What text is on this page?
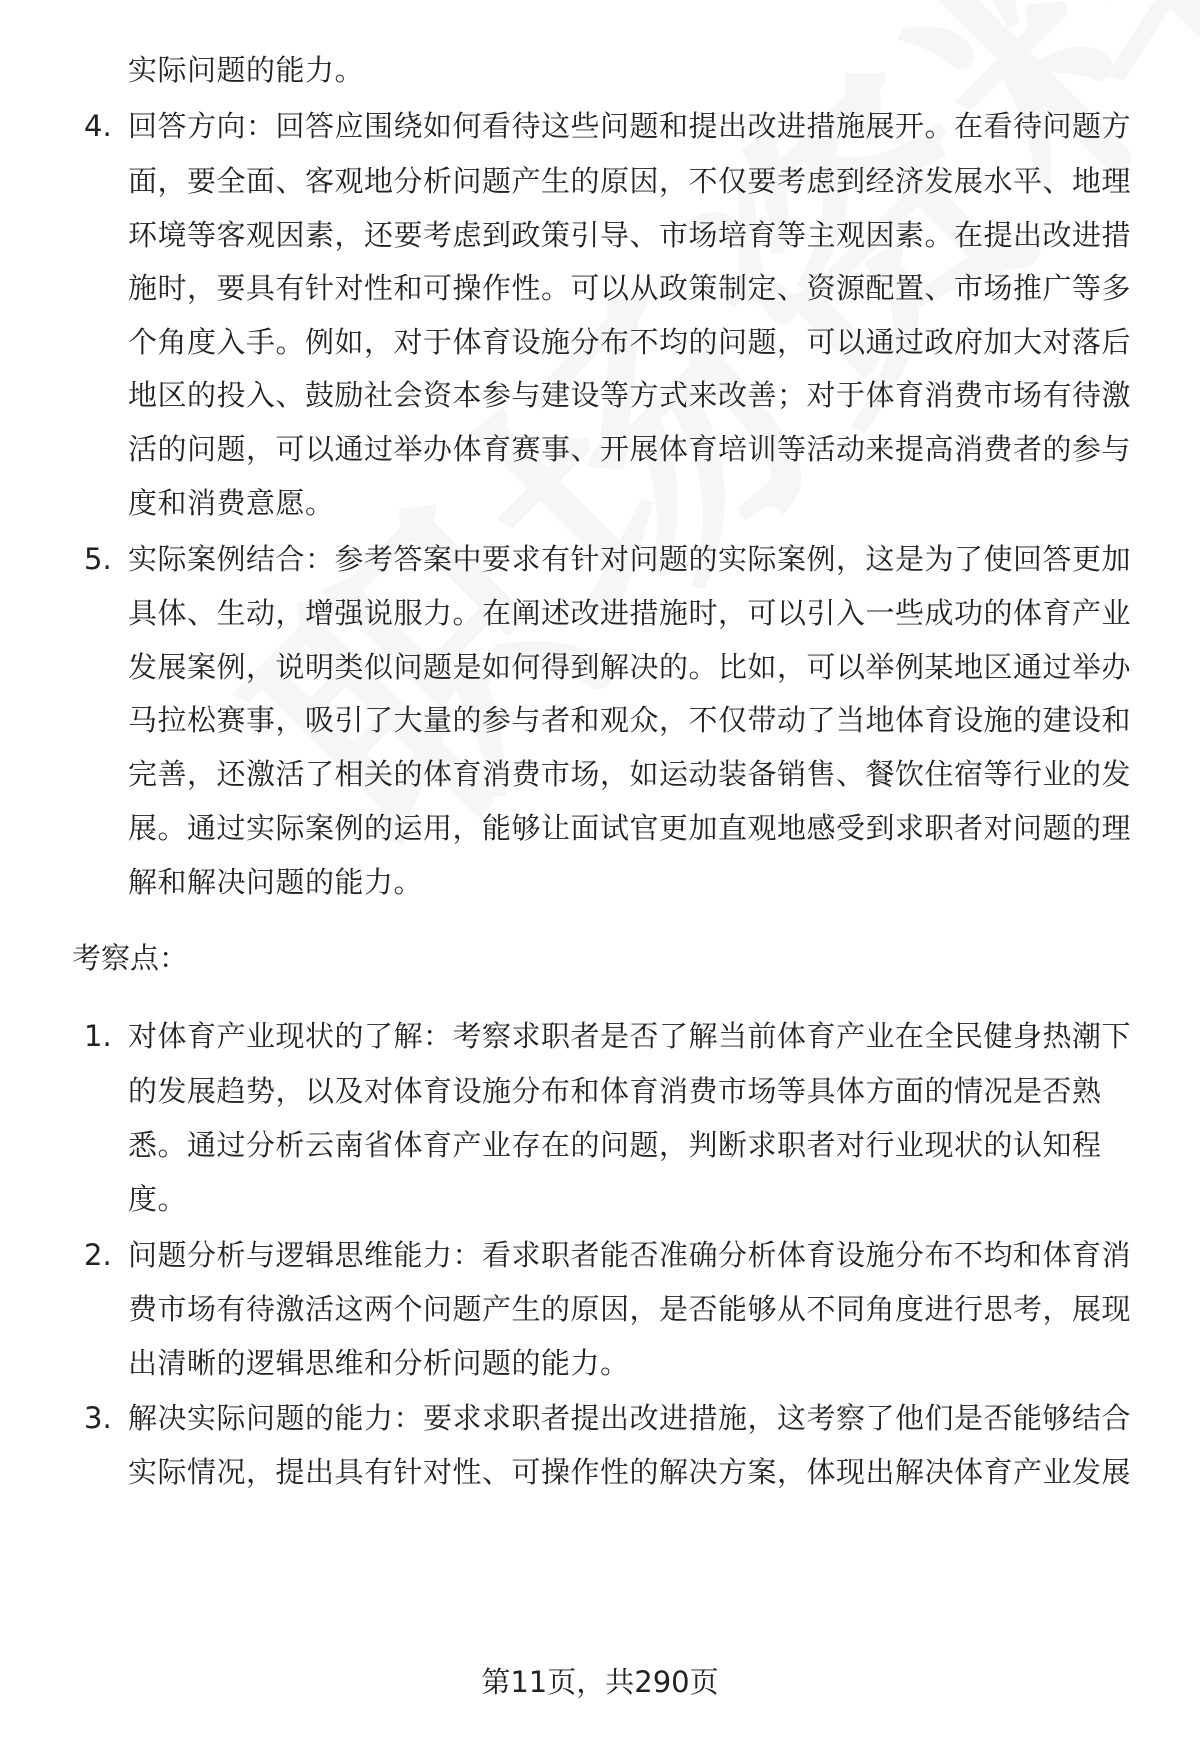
实际问题的能力。
4. 回答方向：回答应围绕如何看待这些问题和提出改进措施展开。在看待问题方
面，要全面、客观地分析问题产生的原因，不仅要考虑到经济发展水平、地理
环境等客观因素，还要考虑到政策引导、市场培育等主观因素。在提出改进措
施时，要具有针对性和可操作性。可以从政策制定、资源配置、市场推广等多
个角度入手。例如，对于体育设施分布不均的问题，可以通过政府加大对落后
地区的投入、鼓励社会资本参与建设等方式来改善；对于体育消费市场有待激
活的问题，可以通过举办体育赛事、开展体育培训等活动来提高消费者的参与
度和消费意愿。
5. 实际案例结合：参考答案中要求有针对问题的实际案例，这是为了使回答更加
具体、生动，增强说服力。在阐述改进措施时，可以引入一些成功的体育产业
发展案例，说明类似问题是如何得到解决的。比如，可以举例某地区通过举办
马拉松赛事，吸引了大量的参与者和观众，不仅带动了当地体育设施的建设和
完善，还激活了相关的体育消费市场，如运动装备销售、餐饮住宿等行业的发
展。通过实际案例的运用，能够让面试官更加直观地感受到求职者对问题的理
解和解决问题的能力。
考察点：
1. 对体育产业现状的了解：考察求职者是否了解当前体育产业在全民健身热潮下
的发展趋势，以及对体育设施分布和体育消费市场等具体方面的情况是否熟
悉。通过分析云南省体育产业存在的问题，判断求职者对行业现状的认知程
度。
2. 问题分析与逻辑思维能力：看求职者能否准确分析体育设施分布不均和体育消
费市场有待激活这两个问题产生的原因，是否能够从不同角度进行思考，展现
出清晰的逻辑思维和分析问题的能力。
3. 解决实际问题的能力：要求求职者提出改进措施，这考察了他们是否能够结合
实际情况，提出具有针对性、可操作性的解决方案，体现出解决体育产业发展
第11页，共290页
